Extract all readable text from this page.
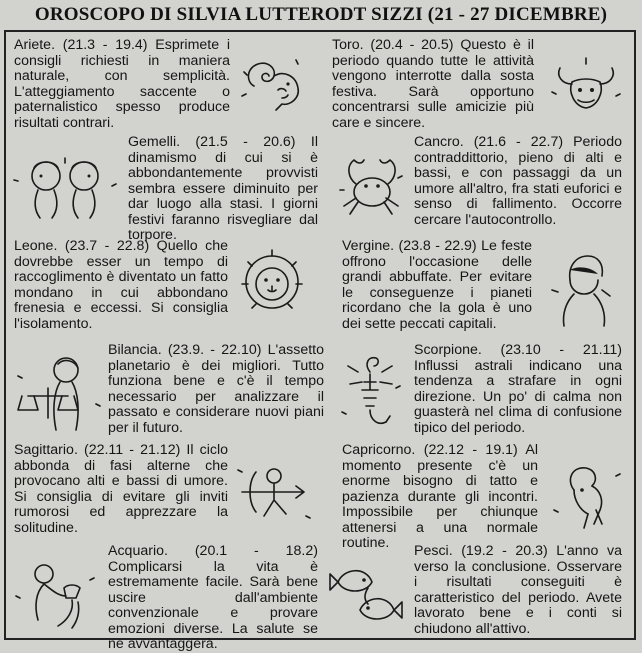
OROSCOPO DI SILVIA LUTTERODT SIZZI (21 - 27 DICEMBRE)

Ariete. (21.3 - 19.4) Esprimete i consigli richiesti in maniera naturale, con semplicità. L'atteggiamento saccente o paternalistico spesso produce risultati contrari.

Toro. (20.4 - 20.5) Questo è il periodo quando tutte le attività vengono interrotte dalla sosta festiva. Sarà opportuno concentrarsi sulle amicizie più care e sincere.

Gemelli. (21.5 - 20.6) Il dinamismo di cui si è abbondantemente provvisti sembra essere diminuito per dar luogo alla stasi. I giorni festivi faranno risvegliare dal torpore.

Cancro. (21.6 - 22.7) Periodo contraddittorio, pieno di alti e bassi, e con passaggi da un umore all'altro, fra stati euforici e senso di fallimento. Occorre cercare l'autocontrollo.

Leone. (23.7 - 22.8) Quello che dovrebbe esser un tempo di raccoglimento è diventato un fatto mondano in cui abbondano frenesia e eccessi. Si consiglia l'isolamento.

Vergine. (23.8 - 22.9) Le feste offrono l'occasione delle grandi abbuffate. Per evitare le conseguenze i pianeti ricordano che la gola è uno dei sette peccati capitali.

Bilancia. (23.9. - 22.10) L'assetto planetario è dei migliori. Tutto funziona bene e c'è il tempo necessario per analizzare il passato e considerare nuovi piani per il futuro.

Scorpione. (23.10 - 21.11) Influssi astrali indicano una tendenza a strafare in ogni direzione. Un po' di calma non guasterà nel clima di confusione tipico del periodo.

Sagittario. (22.11 - 21.12) Il ciclo abbonda di fasi alterne che provocano alti e bassi di umore. Si consiglia di evitare gli inviti rumorosi ed apprezzare la solitudine.

Capricorno. (22.12 - 19.1) Al momento presente c'è un enorme bisogno di tatto e pazienza durante gli incontri. Impossibile per chiunque attenersi a una normale routine.

Acquario. (20.1 - 18.2) Complicarsi la vita è estremamente facile. Sarà bene uscire dall'ambiente convenzionale e provare emozioni diverse. La salute se ne avvantaggerà.

Pesci. (19.2 - 20.3) L'anno va verso la conclusione. Osservare i risultati conseguiti è caratteristico del periodo. Avete lavorato bene e i conti si chiudono all'attivo.
